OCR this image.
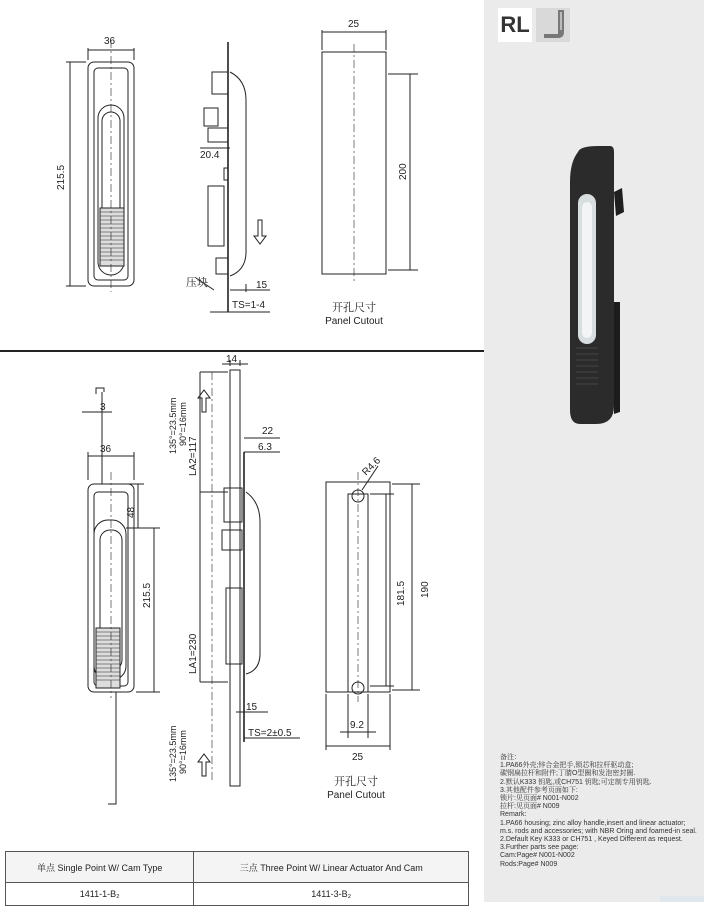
36
215.5
20.4
压块	15
TS=1-4
25
200
开孔尺寸
Panel Cutout
3
36
48
215.5
14
135°=23.5mm 90°=16mm
LA2=117
22
6.3
LA1=230
135°=23.5mm 90°=16mm
15
TS=2±0.5
R4.6
181.5 190
9.2
25
开孔尺寸
Panel Cutout
单点 Single Point W/ Cam Type	三点 Three Point W/ Linear Actuator And Cam
1411-1-B₂	1411-3-B₂
RL
备注：
1.PA66外壳;锌合金把手,锁芯和拉杆驱动盒;
碳钢扁拉杆和附件;丁腈O型圈和发泡密封圈.
2.默认K333 钥匙,或CH751 钥匙;可定制专用钥匙.
3.其他配件参考页面如下:
锁片:见页面# N001-N002
拉杆:见页面# N009
Remark:
1.PA66 housing; zinc alloy handle,insert and linear actuator;
m.s. rods and accessories; with NBR Oring and foamed-in seal.
2.Default Key K333 or CH751 , Keyed Different as request.
3.Further parts see page:
Cam:Page# N001-N002
Rods:Page# N009
